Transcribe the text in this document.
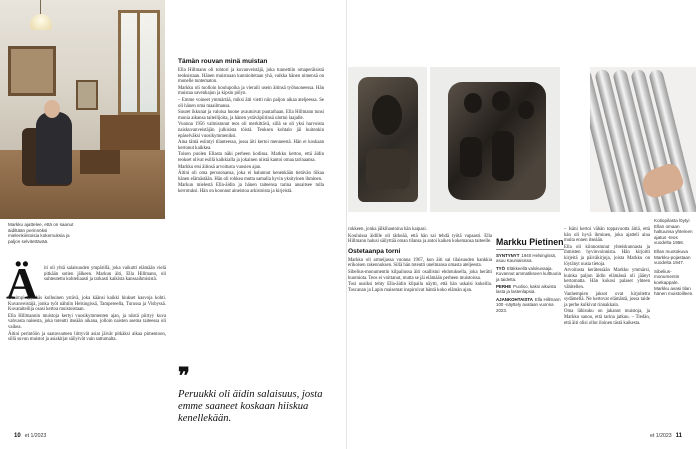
Markku ajattelee, että on saanut äidiltään perinnöksi mielenkiintoisia kokemuksia ja paljon selvitettävää.
Ä iti oli yhtä salaisuuden ympärillä, joka vaikutti elämään vielä pitkään sotien jälkeen. Markun äiti, Ella Hillmann, oli suhteutettu kohteliaasti ja tarkasti kaikista kanssaihmisistä.

Uusimpi tyylikäs kolhuinen ystävä, joka käänsi kaikki hiukset kasvoja kohti. Kuvanveistäjä, jonka työt nähtiin Helsingissä, Tampereella, Turussa ja Visbyssä. Kuvataiteilija osasi kertoa muistoistaan.

Ella Hillmannin muistoja kertyi vuosikymmenten ajan, ja niistä piirtyy kuva vahvasta naisesta, joka toteutti itseään aikana, jolloin naisten asema taiteessa oli vaikea.

Äitini perintöön ja saatavuuteen liittyvät asiat jäivät pitkäksi aikaa pimentoon, sillä suvun muistot ja asiakirjat säilyivät vain sattumalta.

Tämän rouvan minä muistan

Ella Hillmann oli tohtori ja kuvanveistäjä, joka tunnettiin omaperäisistä teoksistaan. Hänen muistoaan kunnioitetaan yhä, vaikka hänen nimensä on monelle tuntematon.

Markku oli tuolloin koulupoika ja vieraili usein äitinsä työhuoneessa. Hän muistaa savenhajun ja kipsin pölyn.

– Emme voineet ymmärtää, miksi äiti vietti niin paljon aikaa ateljeessa. Se oli hänen oma maailmansa.

Suuret ikkunat ja valoisa huone avautuivat puutarhaan. Ella Hillmann tunsi monia aikansa taiteilijoita, ja hänen ystäväpiirinsä ulottui laajalle.

Vuonna 1956 valmistunut teos oli merkittävä, sillä se oli yksi harvoista naiskuvanveistäjän julkisista töistä. Teoksen kohtalo jäi kuitenkin epäselväksi vuosikymmeniksi.

Aina tämä esiintyi tilanteessa, jossa äiti kertoi menneestä. Hän ei koskaan kertonut kaikkea.

Toisen puolen Ellasta näki perheen kodissa. Markku kertoo, että äidin teokset olivat esillä kaikkialla ja jokainen niistä kantoi omaa tarinaansa.

Markku etsi äitinsä arvoitusta vuosien ajan.

Äitini oli oma persoonansa, joka ei halunnut kenenkään tietävän liikaa hänen elämästään. Hän oli rohkea mutta samalla hyvin yksityinen ihminen.

Markun mielestä Ella-äidin ja hänen taiteensa tarina ansaitsee tulla kerrotuksi. Hän on koonnut aineistoa arkistoista ja kirjeistä.

❞
Peruukki oli äidin salaisuus, josta emme saaneet koskaan hiiskua kenellekään.
10 et 1/2023

rokkeen, jonka jälkihautoina hän kaipasi.

Kouluissa äidille oli tärkeää, että hän sai tehdä työtä vapaasti. Ella Hillmann halusi säilyttää oman tilansa ja antoi kaiken kokemansa taiteelle.

Ostetaanpa torni

Markku oli armeijassa vuonna 1967, kun äiti sai tilaisuuden hankkia erikoisen rakennuksen. Sillä hän toteutti unelmansa omasta ateljeesta.

Sibelius-monumentin kilpailussa äiti osallistui ehdotuksella, joka herätti huomiota. Teos ei voittanut, mutta se jäi elämään perheen muistoissa.

Tosi uusiksi tehty Ella-äidin kilpailu näytti, että hän uskalsi kokeilla. Toscanan ja Lapin maisemat inspiroivat häntä koko elämän ajan.

Markku Pietinen
SYNTYNYT 1940 Helsingissä, asuu Kauniaisissa.
TYÖ Eläkkeellä valokuvaaja. Kuvannut ammatikseen kulttuuria ja taidetta.
PERHE Puoliso, kaksi aikuista lasta ja lastenlapsia.
AJANKOHTAISTA Ella Hillmann 100 -näyttely avataan vuonna 2023.

– Isäni kertoi vähän toppavuotta äitiä, että hän oli hyvä ihminen, joka ajatteli aina muita ennen itseään.

Ella oli kiinnostunut yhteiskunnasta ja ihmisten hyvinvoinnista. Hän kirjoitti kirjeitä ja päiväkirjoja, joista Markku on löytänyt uusia tietoja.

Arvoitusta kerätessään Markku ymmärsi, kuinka paljon äidin elämässä oli jäänyt kertomatta. Hän kokosi palaset yhteen vähitellen.

Vanhempien jaksot ovat kirjoitettu sydämellä. Ne kertovat elämästä, jossa taide ja perhe kulkivat rinnakkain.

Oma lähisuku on jakanut muistoja, ja Markku sanoo, että tarina jatkuu. – Tiedän, että äiti olisi ollut iloinen tästä kaikesta.

Kotiopilasta löytyi Ellan omaan haltuunsa yhteinen ajatus -teos vuodelta 1956.

Ellan muotokuva Markku-pojastaan vuodelta 1947.

Sibelius-monumentin koekappale. Markku avasi tilan hänen muistoilleen.

et 1/2023 11
